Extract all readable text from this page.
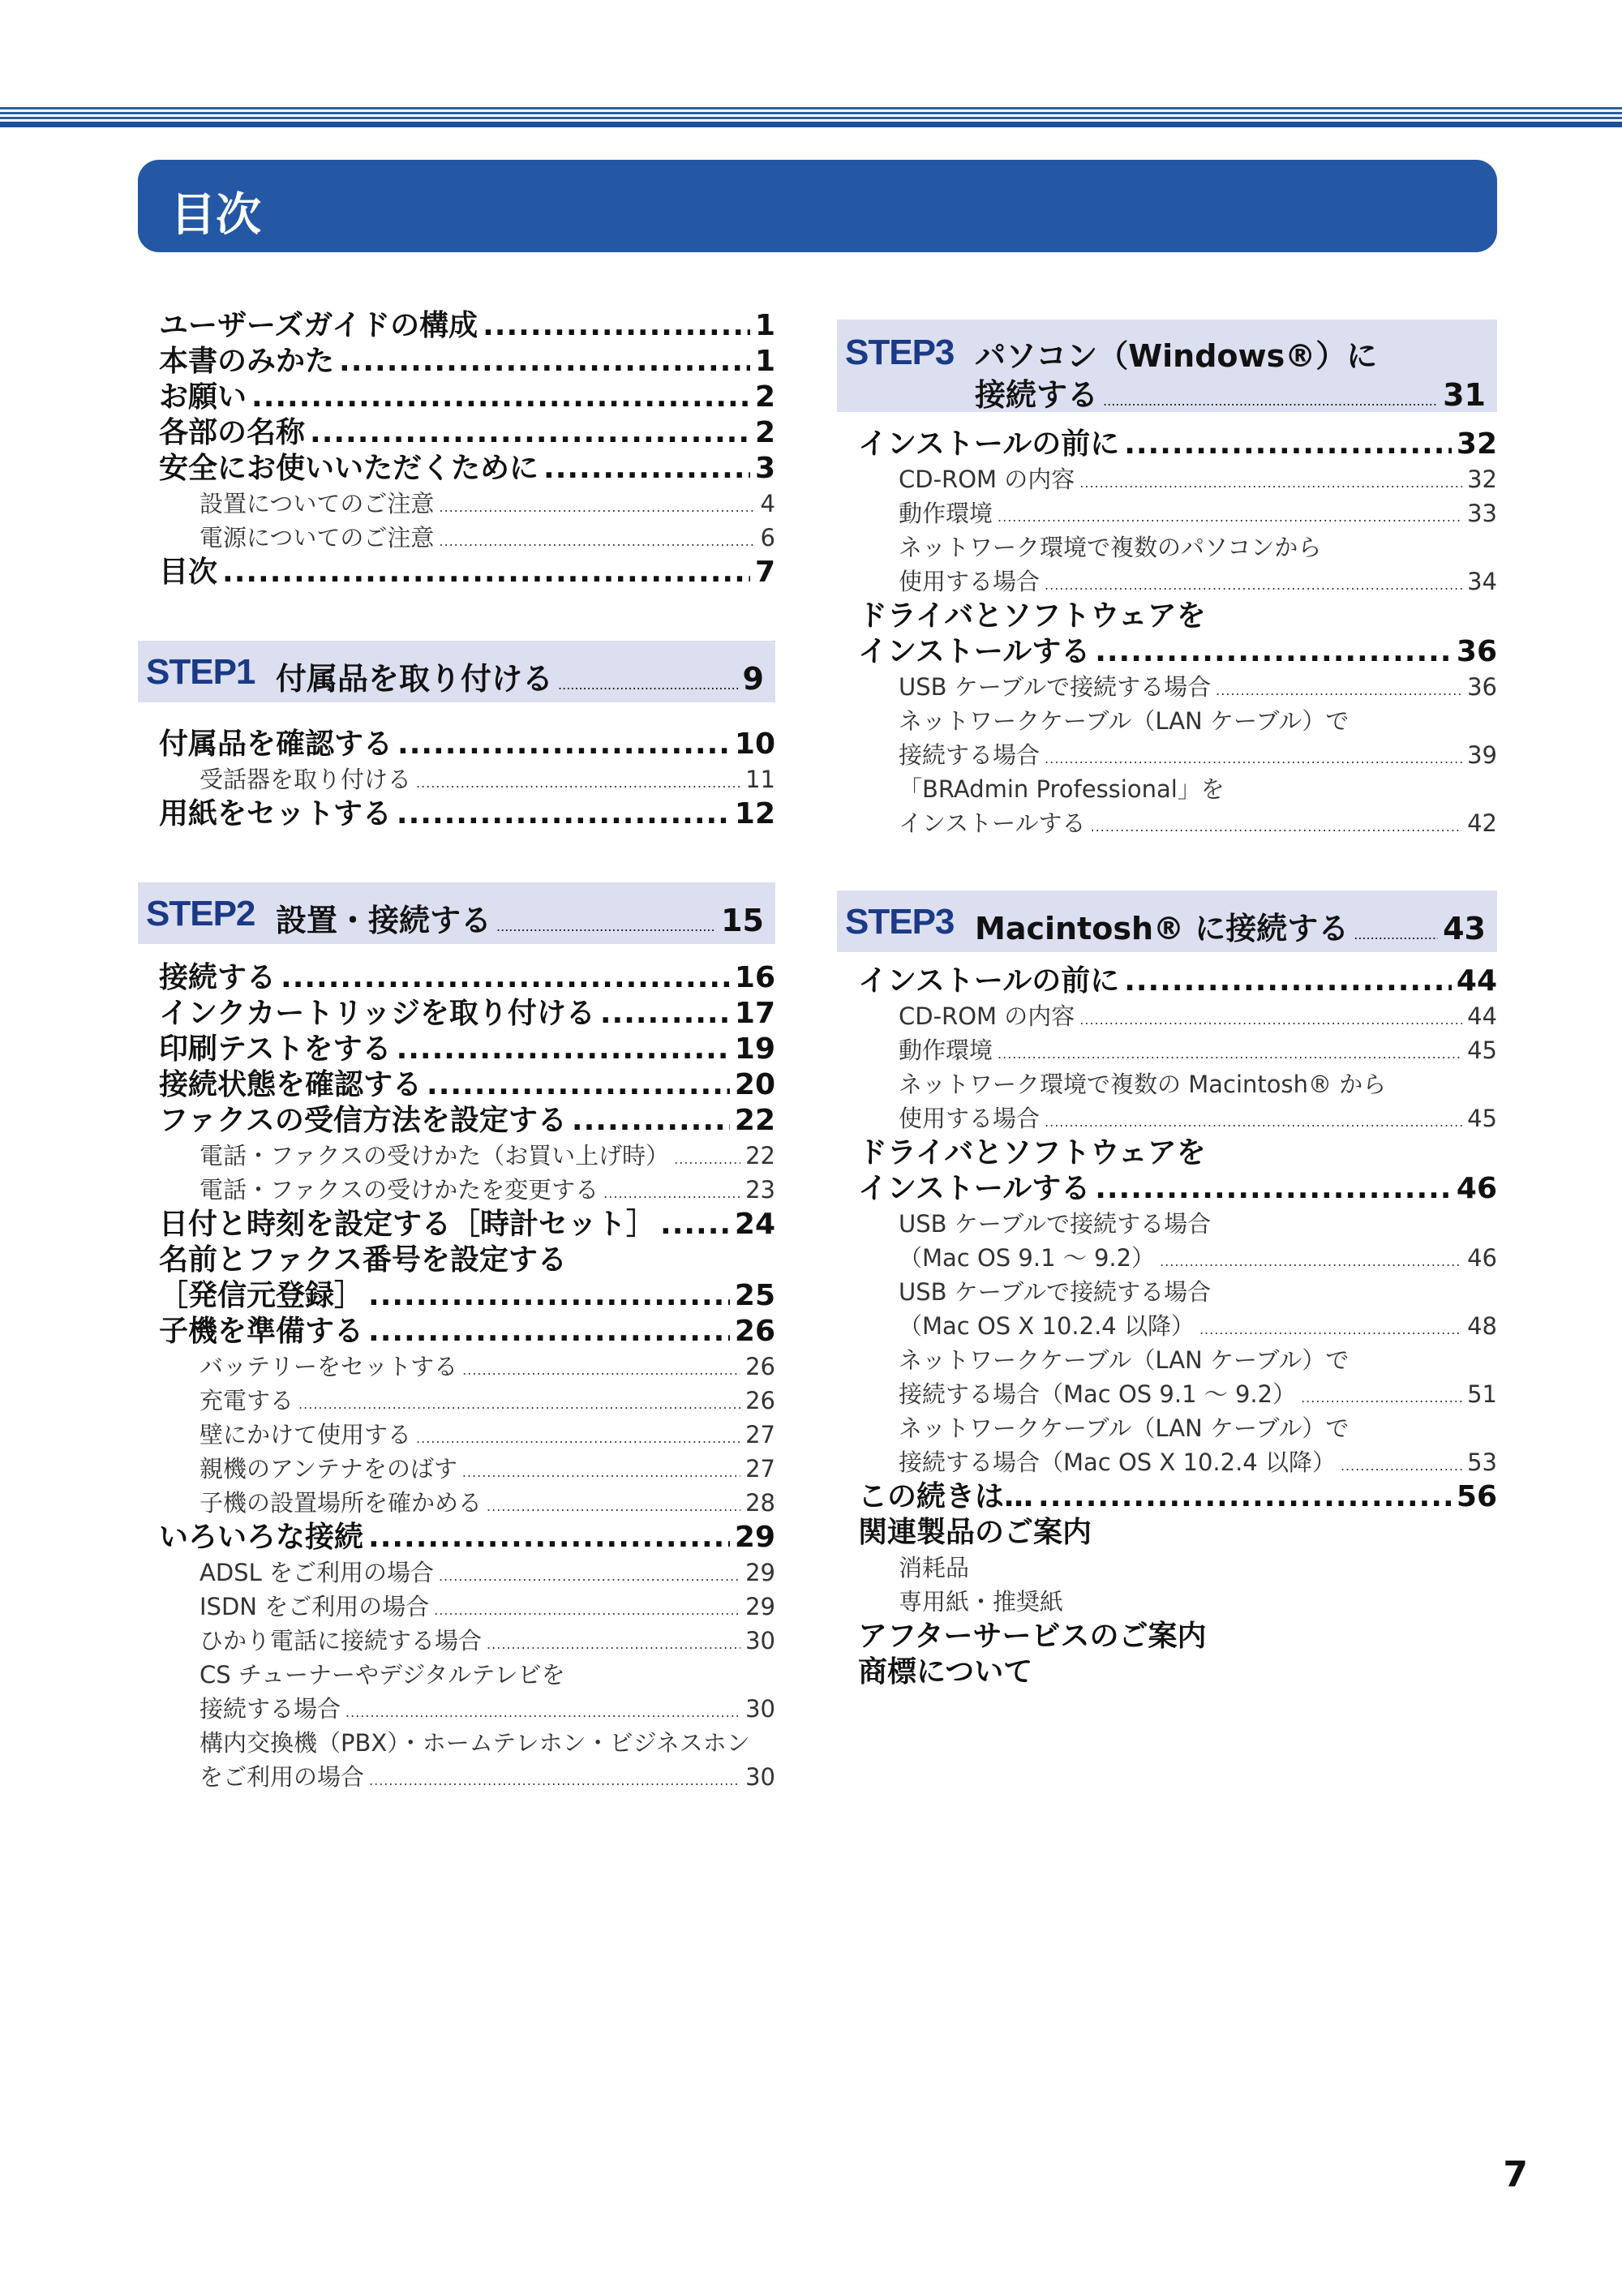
目次
ユーザーズガイドの構成 .....	1
本書のみかた .....	1
お願い .....	2
各部の名称 .....	2
安全にお使いいただくために .....	3
設置についてのご注意 .....	4
電源についてのご注意 .....	6
目次 .....	7
STEP1 付属品を取り付ける .....	9
付属品を確認する .....	10
受話器を取り付ける .....	11
用紙をセットする .....	12
STEP2 設置・接続する .....	15
接続する .....	16
インクカートリッジを取り付ける .....	17
印刷テストをする .....	19
接続状態を確認する .....	20
ファクスの受信方法を設定する .....	22
電話・ファクスの受けかた（お買い上げ時） .....	22
電話・ファクスの受けかたを変更する .....	23
日付と時刻を設定する［時計セット］ .....	24
名前とファクス番号を設定する
［発信元登録］ .....	25
子機を準備する .....	26
バッテリーをセットする .....	26
充電する .....	26
壁にかけて使用する .....	27
親機のアンテナをのばす .....	27
子機の設置場所を確かめる .....	28
いろいろな接続 .....	29
ADSL をご利用の場合 .....	29
ISDN をご利用の場合 .....	29
ひかり電話に接続する場合 .....	30
CS チューナーやデジタルテレビを
接続する場合 .....	30
構内交換機（PBX）・ホームテレホン・ビジネスホン
をご利用の場合 .....	30
STEP3 パソコン（Windows®）に
接続する .....	31
インストールの前に .....	32
CD-ROM の内容 .....	32
動作環境 .....	33
ネットワーク環境で複数のパソコンから
使用する場合 .....	34
ドライバとソフトウェアを
インストールする .....	36
USB ケーブルで接続する場合 .....	36
ネットワークケーブル（LAN ケーブル）で
接続する場合 .....	39
「BRAdmin Professional」を
インストールする .....	42
STEP3 Macintosh® に接続する .....	43
インストールの前に .....	44
CD-ROM の内容 .....	44
動作環境 .....	45
ネットワーク環境で複数の Macintosh® から
使用する場合 .....	45
ドライバとソフトウェアを
インストールする .....	46
USB ケーブルで接続する場合
（Mac OS 9.1 ～ 9.2） .....	46
USB ケーブルで接続する場合
（Mac OS X 10.2.4 以降） .....	48
ネットワークケーブル（LAN ケーブル）で
接続する場合（Mac OS 9.1 ～ 9.2） .....	51
ネットワークケーブル（LAN ケーブル）で
接続する場合（Mac OS X 10.2.4 以降） .....	53
この続きは… .....	56
関連製品のご案内
消耗品
専用紙・推奨紙
アフターサービスのご案内
商標について
7
